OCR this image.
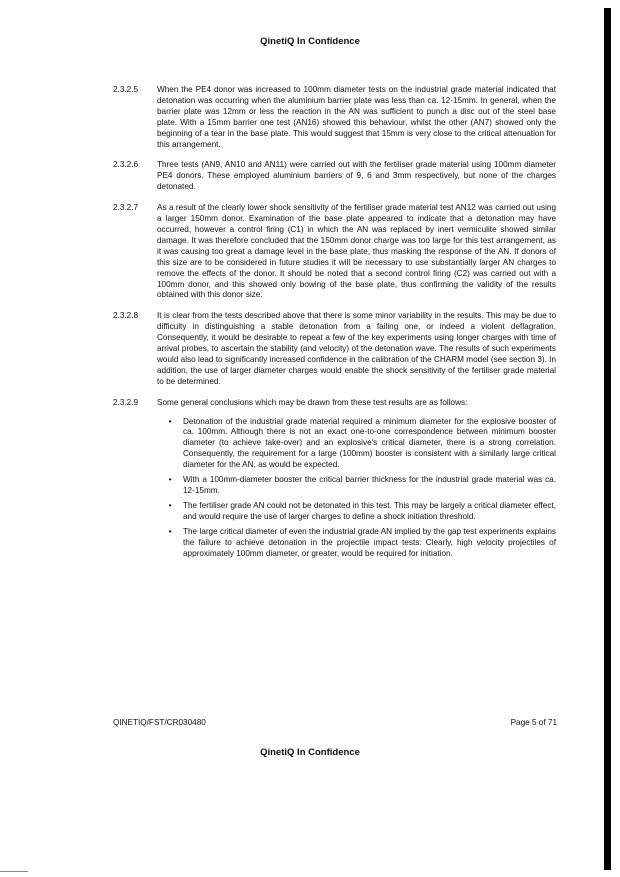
QinetiQ In Confidence
2.3.2.5	When the PE4 donor was increased to 100mm diameter tests on the industrial grade material indicated that detonation was occurring when the aluminium barrier plate was less than ca. 12-15mm. In general, when the barrier plate was 12mm or less the reaction in the AN was sufficient to punch a disc out of the steel base plate. With a 15mm barrier one test (AN16) showed this behaviour, whilst the other (AN7) showed only the beginning of a tear in the base plate. This would suggest that 15mm is very close to the critical attenuation for this arrangement.
2.3.2.6	Three tests (AN9, AN10 and AN11) were carried out with the fertiliser grade material using 100mm diameter PE4 donors. These employed aluminium barriers of 9, 6 and 3mm respectively, but none of the charges detonated.
2.3.2.7	As a result of the clearly lower shock sensitivity of the fertiliser grade material test AN12 was carried out using a larger 150mm donor. Examination of the base plate appeared to indicate that a detonation may have occurred, however a control firing (C1) in which the AN was replaced by inert vermiculite showed similar damage. It was therefore concluded that the 150mm donor charge was too large for this test arrangement, as it was causing too great a damage level in the base plate, thus masking the response of the AN. If donors of this size are to be considered in future studies it will be necessary to use substantially larger AN charges to remove the effects of the donor. It should be noted that a second control firing (C2) was carried out with a 100mm donor, and this showed only bowing of the base plate, thus confirming the validity of the results obtained with this donor size.
2.3.2.8	It is clear from the tests described above that there is some minor variability in the results. This may be due to difficulty in distinguishing a stable detonation from a failing one, or indeed a violent deflagration. Consequently, it would be desirable to repeat a few of the key experiments using longer charges with time of arrival probes, to ascertain the stability (and velocity) of the detonation wave. The results of such experiments would also lead to significantly increased confidence in the calibration of the CHARM model (see section 3). In addition, the use of larger diameter charges would enable the shock sensitivity of the fertiliser grade material to be determined.
2.3.2.9	Some general conclusions which may be drawn from these test results are as follows:
•	Detonation of the industrial grade material required a minimum diameter for the explosive booster of ca. 100mm. Although there is not an exact one-to-one correspondence between minimum booster diameter (to achieve take-over) and an explosive's critical diameter, there is a strong correlation. Consequently, the requirement for a large (100mm) booster is consistent with a similarly large critical diameter for the AN, as would be expected.
•	With a 100mm-diameter booster the critical barrier thickness for the industrial grade material was ca. 12-15mm.
•	The fertiliser grade AN could not be detonated in this test. This may be largely a critical diameter effect, and would require the use of larger charges to define a shock initiation threshold.
•	The large critical diameter of even the industrial grade AN implied by the gap test experiments explains the failure to achieve detonation in the projectile impact tests. Clearly, high velocity projectiles of approximately 100mm diameter, or greater, would be required for initiation.
QINETIQ/FST/CR030480	Page 5 of 71
QinetiQ In Confidence
